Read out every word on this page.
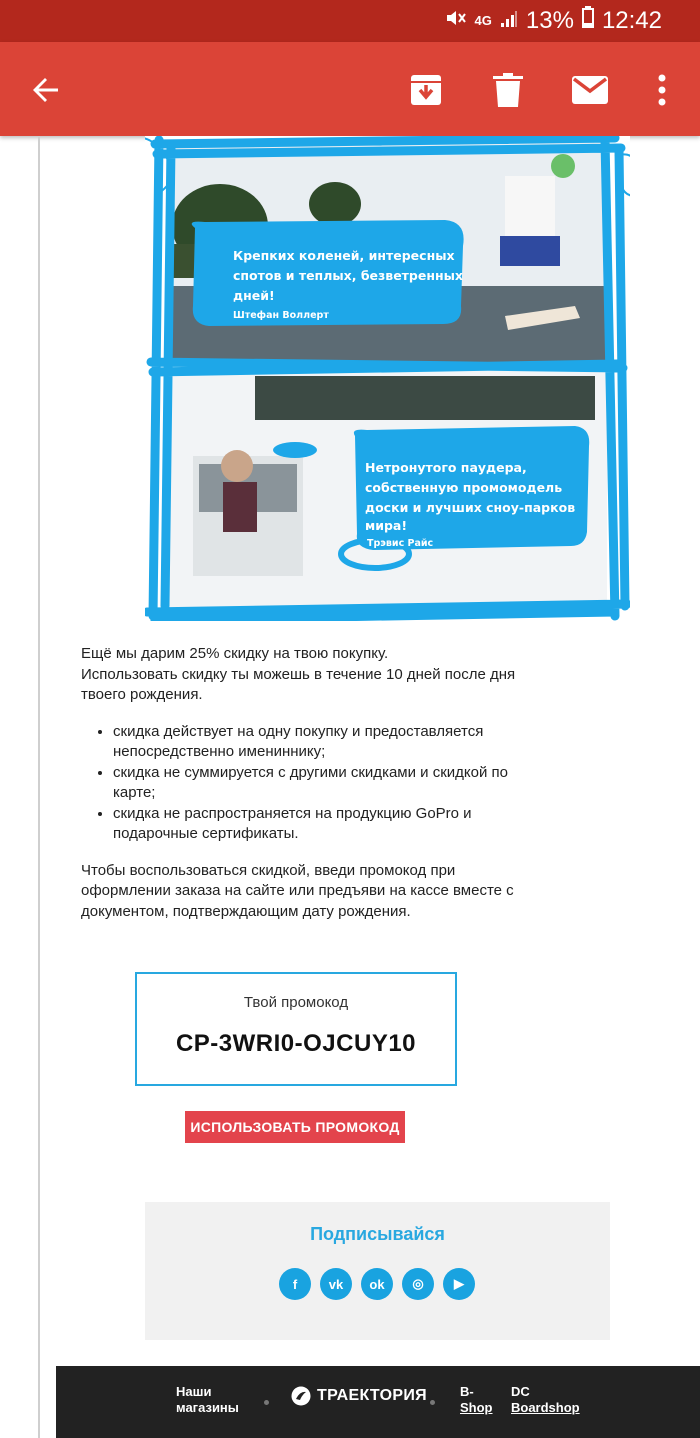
4G 13% 12:42
Крепких коленей, интересных
спотов и теплых, безветренных
дней!
Штефан Воллерт
Нетронутого паудера,
собственную промомодель
доски и лучших сноу-парков
мира!
Трэвис Райс

Ещё мы дарим 25% скидку на твою покупку.
Использовать скидку ты можешь в течение 10 дней после дня твоего рождения.

• скидка действует на одну покупку и предоставляется непосредственно имениннику;
• скидка не суммируется с другими скидками и скидкой по карте;
• скидка не распространяется на продукцию GoPro и подарочные сертификаты.

Чтобы воспользоваться скидкой, введи промокод при оформлении заказа на сайте или предъяви на кассе вместе с документом, подтверждающим дату рождения.

Твой промокод
CP-3WRI0-OJCUY10
ИСПОЛЬЗОВАТЬ ПРОМОКОД
Подписывайся
f	vk	ok	◎	▶
Наши
магазины
ТРАЕКТОРИЯ	B-
Shop
DC
Boardshop
